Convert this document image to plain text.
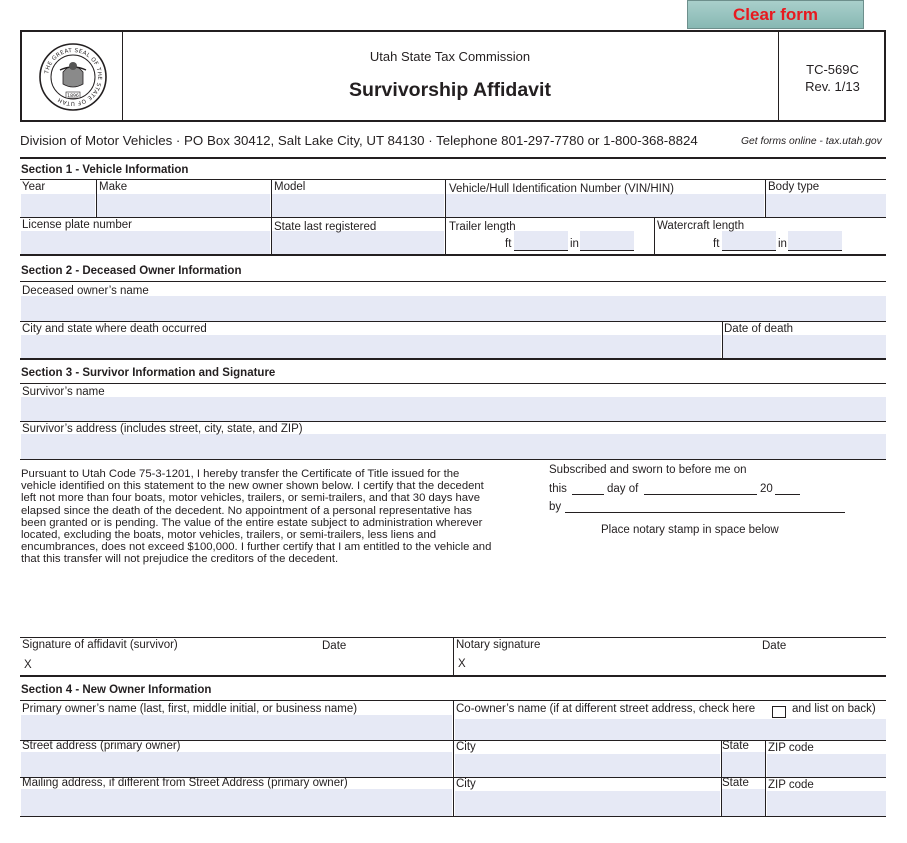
Clear form
THE GREAT SEAL OF THE STATE OF UTAH 1896
Utah State Tax Commission
Survivorship Affidavit
TC-569C
Rev. 1/13
Division of Motor Vehicles · PO Box 30412, Salt Lake City, UT 84130 · Telephone 801-297-7780 or 1-800-368-8824	Get forms online - tax.utah.gov
Section 1 - Vehicle Information
Year	Make	Model	Vehicle/Hull Identification Number (VIN/HIN)	Body type
License plate number	State last registered	Trailer length	Watercraft length
ft	in	ft	in
Section 2 - Deceased Owner Information
Deceased owner’s name
City and state where death occurred	Date of death
Section 3 - Survivor Information and Signature
Survivor’s name
Survivor’s address (includes street, city, state, and ZIP)
Pursuant to Utah Code 75-3-1201, I hereby transfer the Certificate of Title issued for the
vehicle identified on this statement to the new owner shown below. I certify that the decedent
left not more than four boats, motor vehicles, trailers, or semi-trailers, and that 30 days have
elapsed since the death of the decedent. No appointment of a personal representative has
been granted or is pending. The value of the entire estate subject to administration wherever
located, excluding the boats, motor vehicles, trailers, or semi-trailers, less liens and
encumbrances, does not exceed $100,000. I further certify that I am entitled to the vehicle and
that this transfer will not prejudice the creditors of the decedent.
Subscribed and sworn to before me on
this	day of	20
by
Place notary stamp in space below
Signature of affidavit (survivor)	Date	Notary signature	Date
X	X
Section 4 - New Owner Information
Primary owner’s name (last, first, middle initial, or business name)	Co-owner’s name (if at different street address, check here	and list on back)
Street address (primary owner)	City	State ZIP code
Mailing address, if different from Street Address (primary owner)	City	State ZIP code
